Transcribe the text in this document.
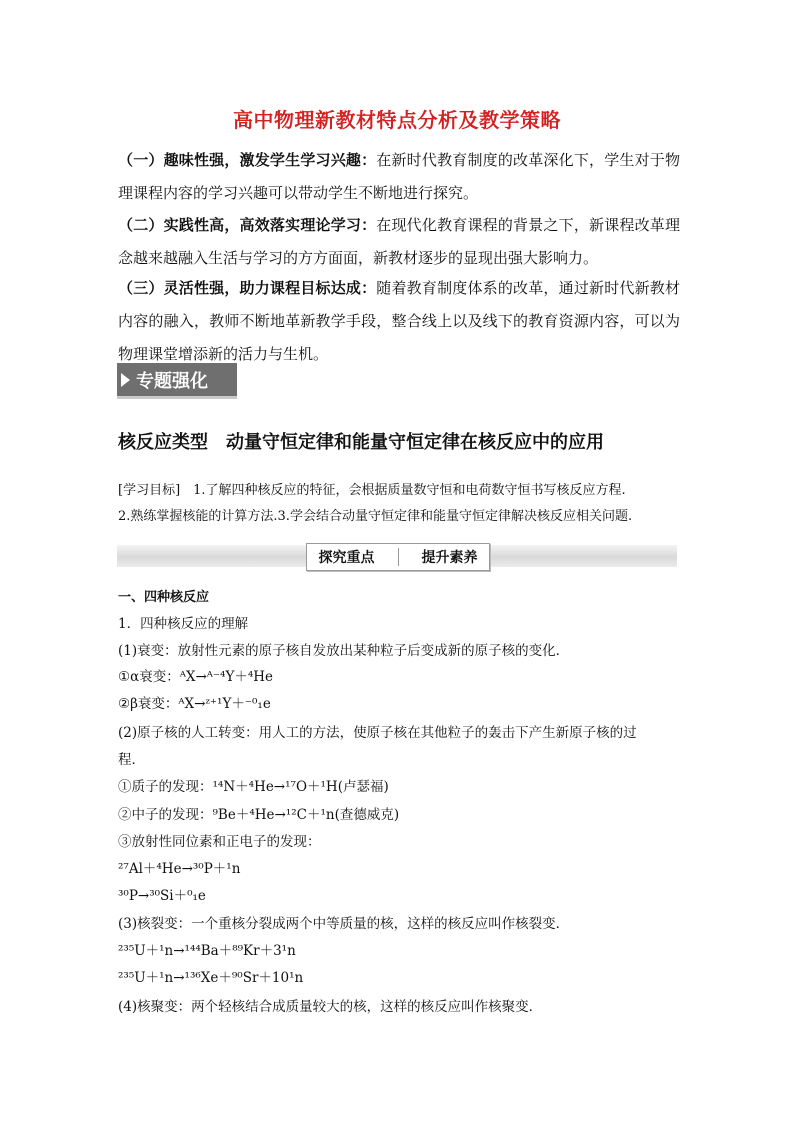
高中物理新教材特点分析及教学策略
（一）趣味性强，激发学生学习兴趣：在新时代教育制度的改革深化下，学生对于物理课程内容的学习兴趣可以带动学生不断地进行探究。
（二）实践性高，高效落实理论学习：在现代化教育课程的背景之下，新课程改革理念越来越融入生活与学习的方方面面，新教材逐步的显现出强大影响力。
（三）灵活性强，助力课程目标达成：随着教育制度体系的改革，通过新时代新教材内容的融入，教师不断地革新教学手段，整合线上以及线下的教育资源内容，可以为物理课堂增添新的活力与生机。
专题强化
核反应类型 动量守恒定律和能量守恒定律在核反应中的应用
[学习目标]　1.了解四种核反应的特征，会根据质量数守恒和电荷数守恒书写核反应方程.
2.熟练掌握核能的计算方法.3.学会结合动量守恒定律和能量守恒定律解决核反应相关问题.
探究重点	提升素养
一、四种核反应
1．四种核反应的理解
(1)衰变：放射性元素的原子核自发放出某种粒子后变成新的原子核的变化．
①α衰变：ᴬX→ᴬ⁻⁴Y＋⁴He
②β衰变：ᴬX→ᶻ⁺¹Y＋⁻⁰₁e
(2)原子核的人工转变：用人工的方法，使原子核在其他粒子的轰击下产生新原子核的过
程．
①质子的发现：¹⁴N＋⁴He→¹⁷O＋¹H(卢瑟福)
②中子的发现：⁹Be＋⁴He→¹²C＋¹n(查德威克)
③放射性同位素和正电子的发现：
²⁷Al＋⁴He→³⁰P＋¹n
³⁰P→³⁰Si＋⁰₁e
(3)核裂变：一个重核分裂成两个中等质量的核，这样的核反应叫作核裂变．
²³⁵U＋¹n→¹⁴⁴Ba＋⁸⁹Kr＋3¹n
²³⁵U＋¹n→¹³⁶Xe＋⁹⁰Sr＋10¹n
(4)核聚变：两个轻核结合成质量较大的核，这样的核反应叫作核聚变．
